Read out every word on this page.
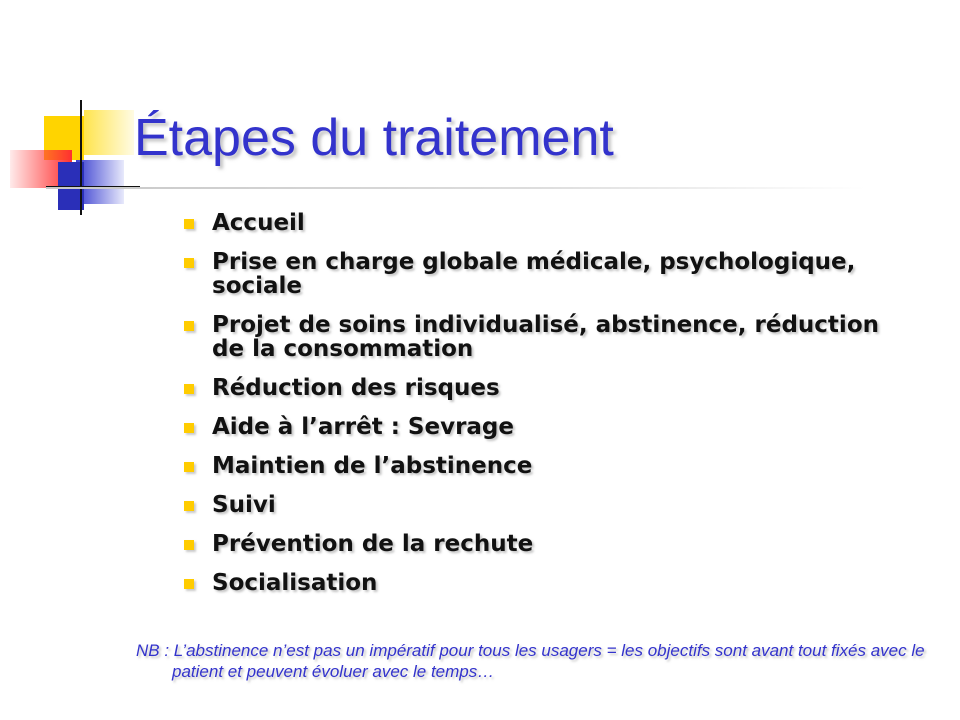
Étapes du traitement
Accueil
Prise en charge globale médicale, psychologique, sociale
Projet de soins individualisé, abstinence, réduction de la consommation
Réduction des risques
Aide à l’arrêt : Sevrage
Maintien de l’abstinence
Suivi
Prévention de la rechute
Socialisation
NB : L’abstinence n’est pas un impératif pour tous les usagers = les objectifs sont avant tout fixés avec le patient et peuvent évoluer avec le temps…
